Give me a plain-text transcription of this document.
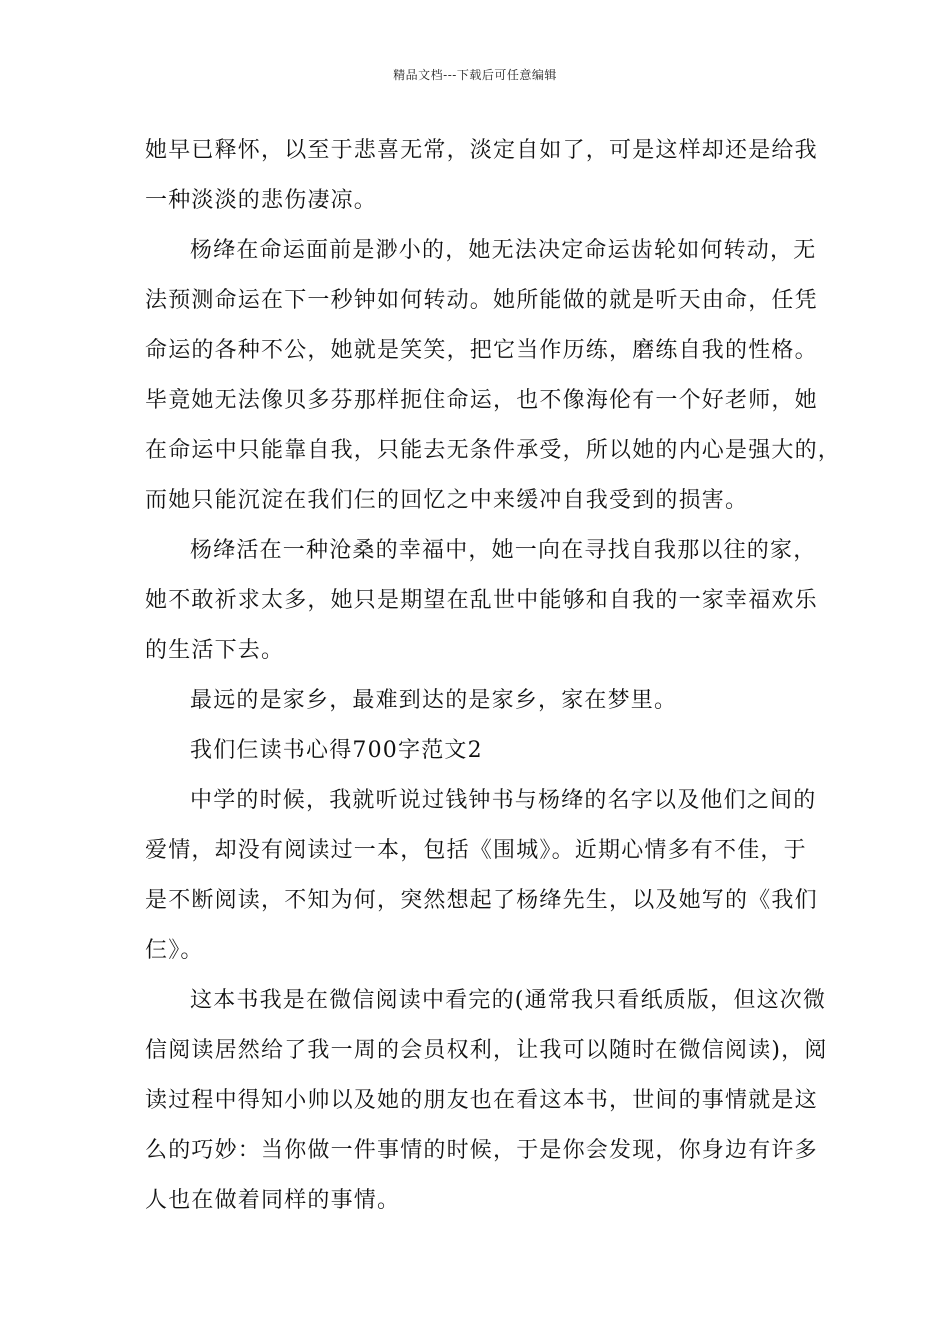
精品文档---下载后可任意编辑
她早已释怀，以至于悲喜无常，淡定自如了，可是这样却还是给我
一种淡淡的悲伤凄凉。
杨绛在命运面前是渺小的，她无法决定命运齿轮如何转动，无
法预测命运在下一秒钟如何转动。她所能做的就是听天由命，任凭
命运的各种不公，她就是笑笑，把它当作历练，磨练自我的性格。
毕竟她无法像贝多芬那样扼住命运，也不像海伦有一个好老师，她
在命运中只能靠自我，只能去无条件承受，所以她的内心是强大的，
而她只能沉淀在我们仨的回忆之中来缓冲自我受到的损害。
杨绛活在一种沧桑的幸福中，她一向在寻找自我那以往的家，
她不敢祈求太多，她只是期望在乱世中能够和自我的一家幸福欢乐
的生活下去。
最远的是家乡，最难到达的是家乡，家在梦里。
我们仨读书心得700字范文2
中学的时候，我就听说过钱钟书与杨绛的名字以及他们之间的
爱情，却没有阅读过一本，包括《围城》。近期心情多有不佳，于
是不断阅读，不知为何，突然想起了杨绛先生，以及她写的《我们
仨》。
这本书我是在微信阅读中看完的(通常我只看纸质版，但这次微
信阅读居然给了我一周的会员权利，让我可以随时在微信阅读)，阅
读过程中得知小帅以及她的朋友也在看这本书，世间的事情就是这
么的巧妙：当你做一件事情的时候，于是你会发现，你身边有许多
人也在做着同样的事情。
